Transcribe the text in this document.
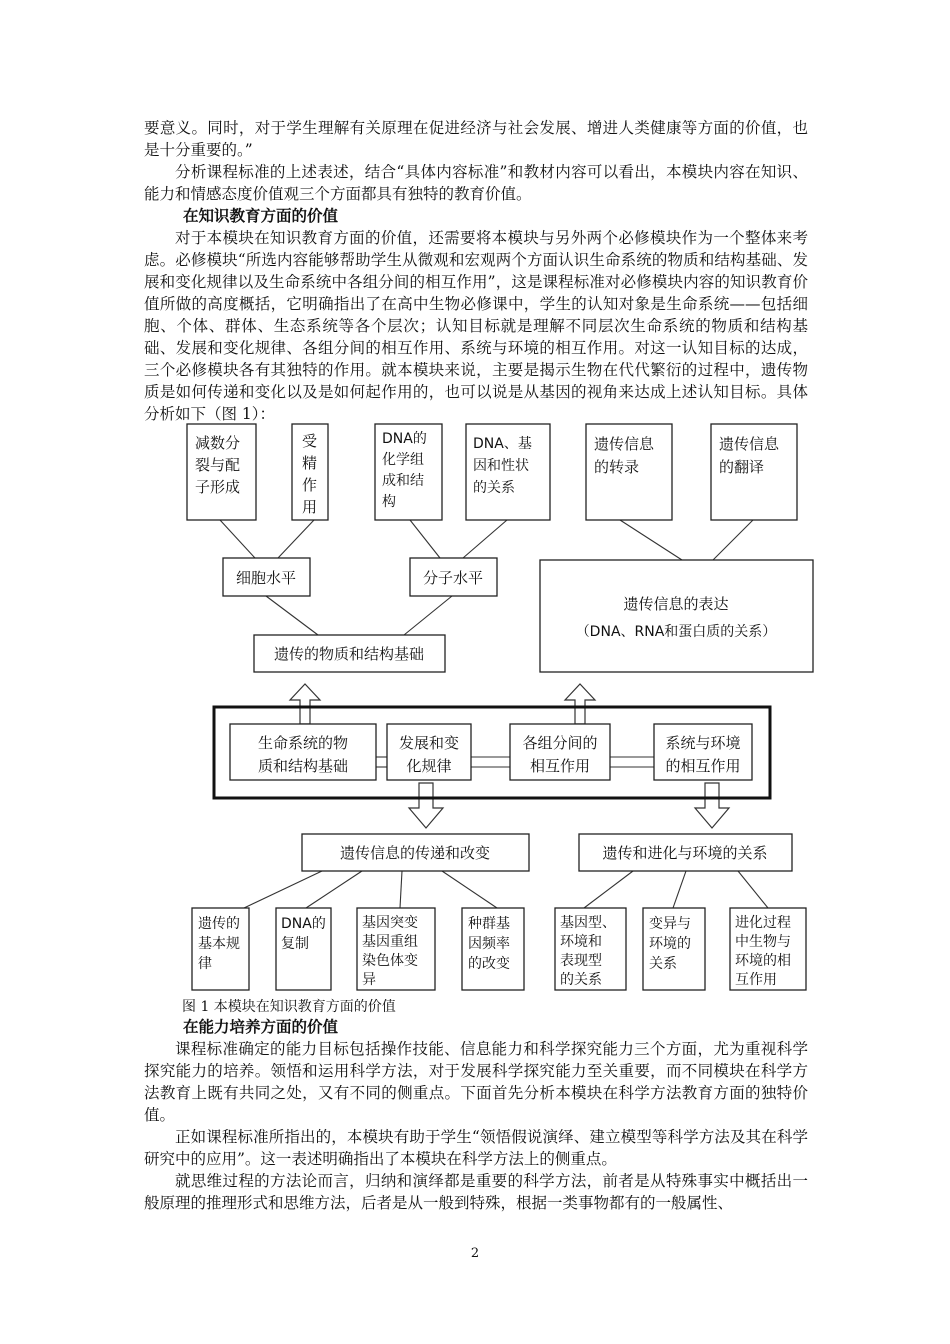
要意义。同时，对于学生理解有关原理在促进经济与社会发展、增进人类健康等方面的价值，也是十分重要的。”

分析课程标准的上述表述，结合“具体内容标准”和教材内容可以看出，本模块内容在知识、能力和情感态度价值观三个方面都具有独特的教育价值。

在知识教育方面的价值

对于本模块在知识教育方面的价值，还需要将本模块与另外两个必修模块作为一个整体来考虑。必修模块“所选内容能够帮助学生从微观和宏观两个方面认识生命系统的物质和结构基础、发展和变化规律以及生命系统中各组分间的相互作用”，这是课程标准对必修模块内容的知识教育价值所做的高度概括，它明确指出了在高中生物必修课中，学生的认知对象是生命系统——包括细胞、个体、群体、生态系统等各个层次；认知目标就是理解不同层次生命系统的物质和结构基础、发展和变化规律、各组分间的相互作用、系统与环境的相互作用。对这一认知目标的达成，三个必修模块各有其独特的作用。就本模块来说，主要是揭示生物在代代繁衍的过程中，遗传物质是如何传递和变化以及是如何起作用的，也可以说是从基因的视角来达成上述认知目标。具体分析如下（图 1）：

减数分
裂与配
子形成
受
精
作
用
DNA的
化学组
成和结
构
DNA、基
因和性状
的关系
遗传信息
的转录
遗传信息
的翻译
细胞水平	分子水平
遗传的物质和结构基础
遗传信息的表达
（DNA、RNA和蛋白质的关系）
生命系统的物
质和结构基础
发展和变
化规律
各组分间的
相互作用
系统与环境
的相互作用
遗传信息的传递和改变	遗传和进化与环境的关系
遗传的
基本规
律
DNA的
复制
基因突变
基因重组
染色体变
异
种群基
因频率
的改变
基因型、
环境和
表现型
的关系
变异与
环境的
关系
进化过程
中生物与
环境的相
互作用

图 1 本模块在知识教育方面的价值

在能力培养方面的价值

课程标准确定的能力目标包括操作技能、信息能力和科学探究能力三个方面，尤为重视科学探究能力的培养。领悟和运用科学方法，对于发展科学探究能力至关重要，而不同模块在科学方法教育上既有共同之处，又有不同的侧重点。下面首先分析本模块在科学方法教育方面的独特价值。

正如课程标准所指出的，本模块有助于学生“领悟假说演绎、建立模型等科学方法及其在科学研究中的应用”。这一表述明确指出了本模块在科学方法上的侧重点。

就思维过程的方法论而言，归纳和演绎都是重要的科学方法，前者是从特殊事实中概括出一般原理的推理形式和思维方法，后者是从一般到特殊，根据一类事物都有的一般属性、

2
